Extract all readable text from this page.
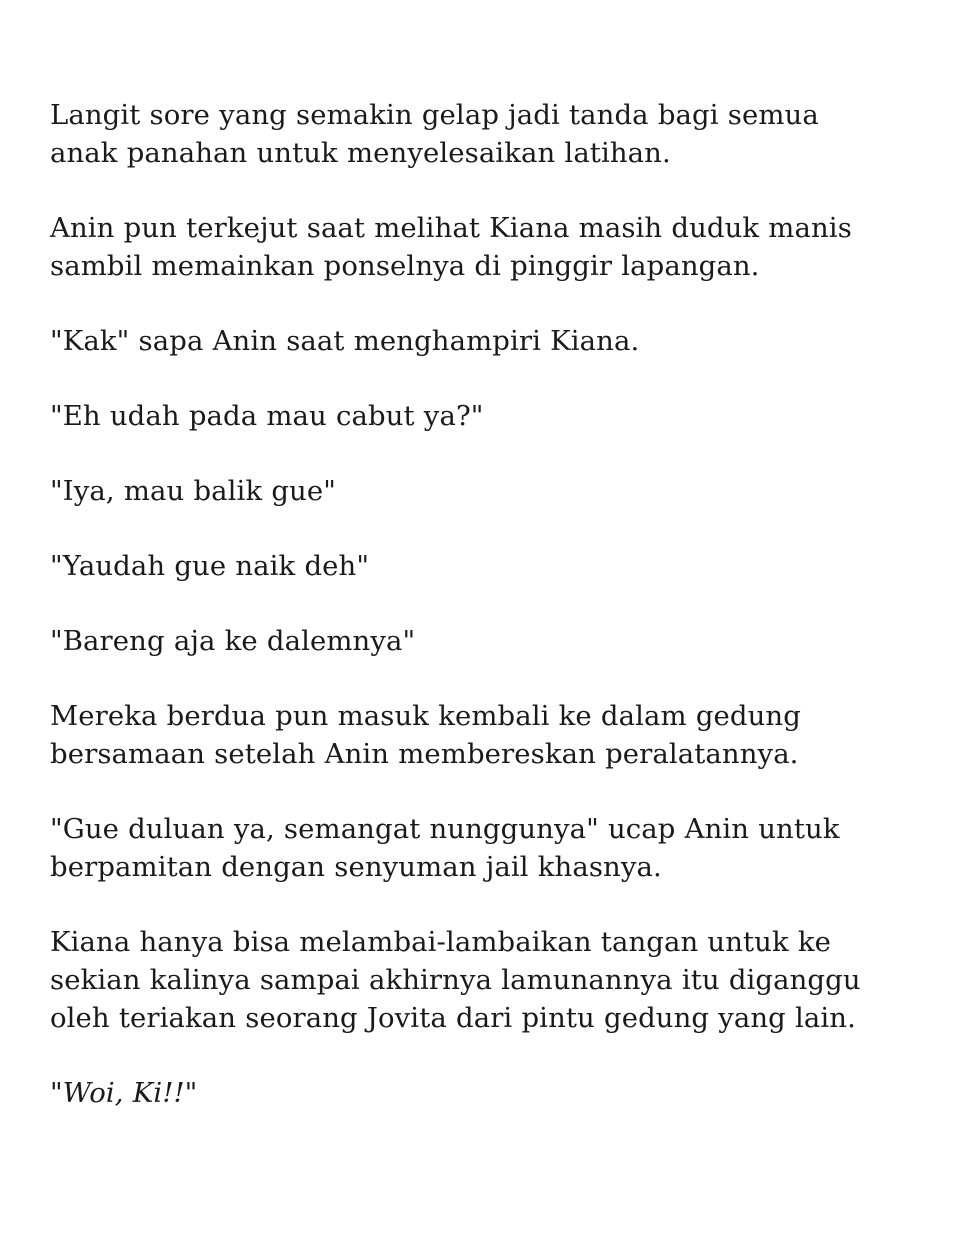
Langit sore yang semakin gelap jadi tanda bagi semua anak panahan untuk menyelesaikan latihan.

Anin pun terkejut saat melihat Kiana masih duduk manis sambil memainkan ponselnya di pinggir lapangan.

"Kak" sapa Anin saat menghampiri Kiana.

"Eh udah pada mau cabut ya?"

"Iya, mau balik gue"

"Yaudah gue naik deh"

"Bareng aja ke dalemnya"

Mereka berdua pun masuk kembali ke dalam gedung bersamaan setelah Anin membereskan peralatannya.

"Gue duluan ya, semangat nunggunya" ucap Anin untuk berpamitan dengan senyuman jail khasnya.

Kiana hanya bisa melambai-lambaikan tangan untuk ke sekian kalinya sampai akhirnya lamunannya itu diganggu oleh teriakan seorang Jovita dari pintu gedung yang lain.

"Woi, Ki!!"
